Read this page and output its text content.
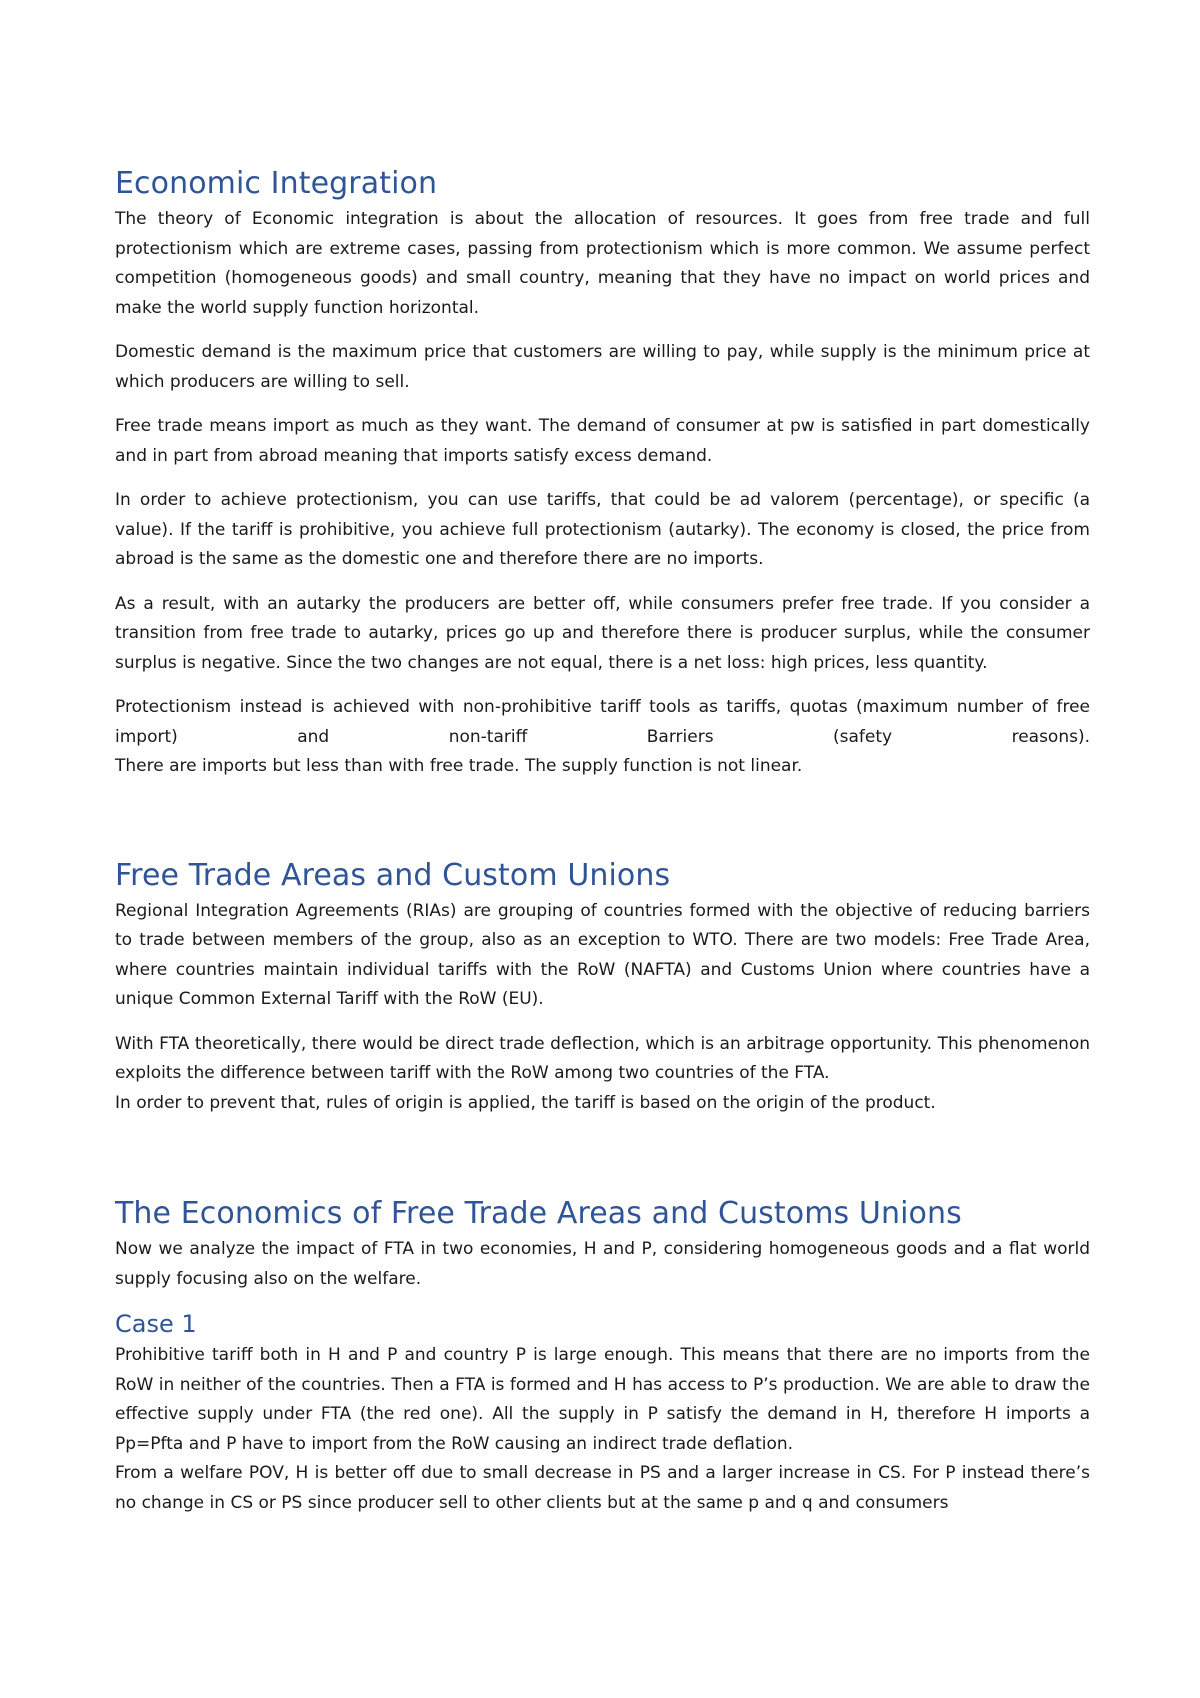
Economic Integration

The theory of Economic integration is about the allocation of resources. It goes from free trade and full protectionism which are extreme cases, passing from protectionism which is more common. We assume perfect competition (homogeneous goods) and small country, meaning that they have no impact on world prices and make the world supply function horizontal.

Domestic demand is the maximum price that customers are willing to pay, while supply is the minimum price at which producers are willing to sell.

Free trade means import as much as they want. The demand of consumer at pw is satisfied in part domestically and in part from abroad meaning that imports satisfy excess demand.

In order to achieve protectionism, you can use tariffs, that could be ad valorem (percentage), or specific (a value). If the tariff is prohibitive, you achieve full protectionism (autarky). The economy is closed, the price from abroad is the same as the domestic one and therefore there are no imports.

As a result, with an autarky the producers are better off, while consumers prefer free trade. If you consider a transition from free trade to autarky, prices go up and therefore there is producer surplus, while the consumer surplus is negative. Since the two changes are not equal, there is a net loss: high prices, less quantity.

Protectionism instead is achieved with non-prohibitive tariff tools as tariffs, quotas (maximum number of free import) and non-tariff Barriers (safety reasons).

There are imports but less than with free trade. The supply function is not linear.

Free Trade Areas and Custom Unions

Regional Integration Agreements (RIAs) are grouping of countries formed with the objective of reducing barriers to trade between members of the group, also as an exception to WTO. There are two models: Free Trade Area, where countries maintain individual tariffs with the RoW (NAFTA) and Customs Union where countries have a unique Common External Tariff with the RoW (EU).

With FTA theoretically, there would be direct trade deflection, which is an arbitrage opportunity. This phenomenon exploits the difference between tariff with the RoW among two countries of the FTA.

In order to prevent that, rules of origin is applied, the tariff is based on the origin of the product.

The Economics of Free Trade Areas and Customs Unions

Now we analyze the impact of FTA in two economies, H and P, considering homogeneous goods and a flat world supply focusing also on the welfare.

Case 1

Prohibitive tariff both in H and P and country P is large enough. This means that there are no imports from the RoW in neither of the countries. Then a FTA is formed and H has access to P’s production. We are able to draw the effective supply under FTA (the red one). All the supply in P satisfy the demand in H, therefore H imports a Pp=Pfta and P have to import from the RoW causing an indirect trade deflation.

From a welfare POV, H is better off due to small decrease in PS and a larger increase in CS. For P instead there’s no change in CS or PS since producer sell to other clients but at the same p and q and consumers
